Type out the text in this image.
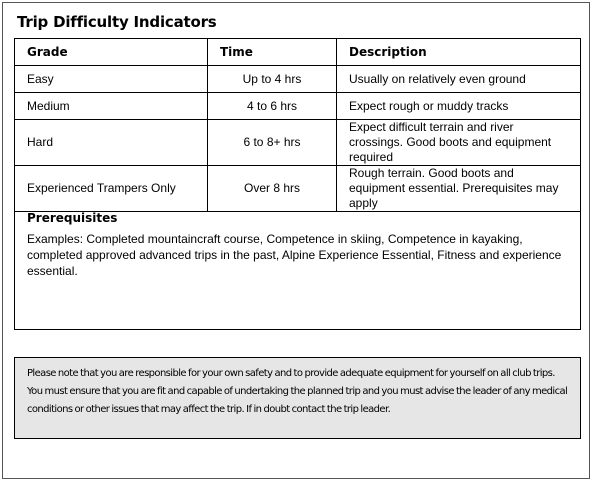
Trip Difficulty Indicators
Grade	Time	Description
Easy	Up to 4 hrs	Usually on relatively even ground
Medium	4 to 6 hrs	Expect rough or muddy tracks
Hard	6 to 8+ hrs	Expect difficult terrain and river crossings. Good boots and equipment required
Experienced Trampers Only	Over 8 hrs	Rough terrain. Good boots and equipment essential. Prerequisites may apply
Prerequisites
Examples: Completed mountaincraft course, Competence in skiing, Competence in kayaking, completed approved advanced trips in the past, Alpine Experience Essential, Fitness and experience essential.
Please note that you are responsible for your own safety and to provide adequate equipment for yourself on all club trips. You must ensure that you are fit and capable of undertaking the planned trip and you must advise the leader of any medical conditions or other issues that may affect the trip. If in doubt contact the trip leader.
